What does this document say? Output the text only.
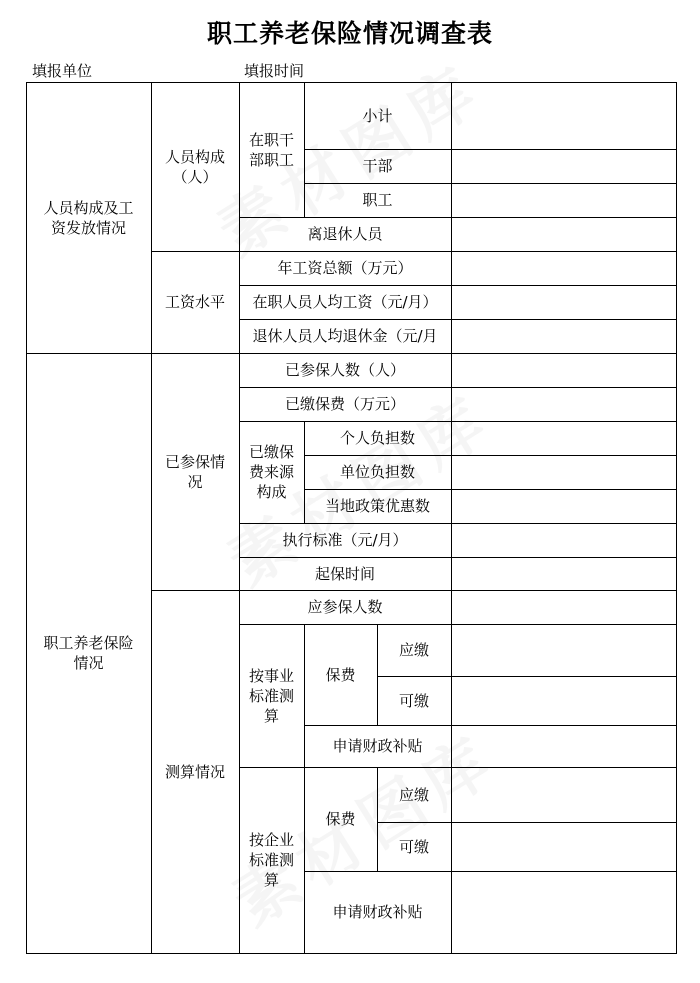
职工养老保险情况调查表
填报单位	填报时间
人员构成及工
资发放情况
人员构成
（人）
在职干
部职工
小计
干部
职工
离退休人员
工资水平
年工资总额（万元）
在职人员人均工资（元/月）
退休人员人均退休金（元/月
职工养老保险
情况
已参保情
况
已参保人数（人）
已缴保费（万元）
已缴保
费来源
构成
个人负担数
单位负担数
当地政策优惠数
执行标准（元/月）
起保时间
测算情况
应参保人数
按事业
标准测
算
保费
应缴
可缴
申请财政补贴
按企业
标准测
算
保费
应缴
可缴
申请财政补贴
